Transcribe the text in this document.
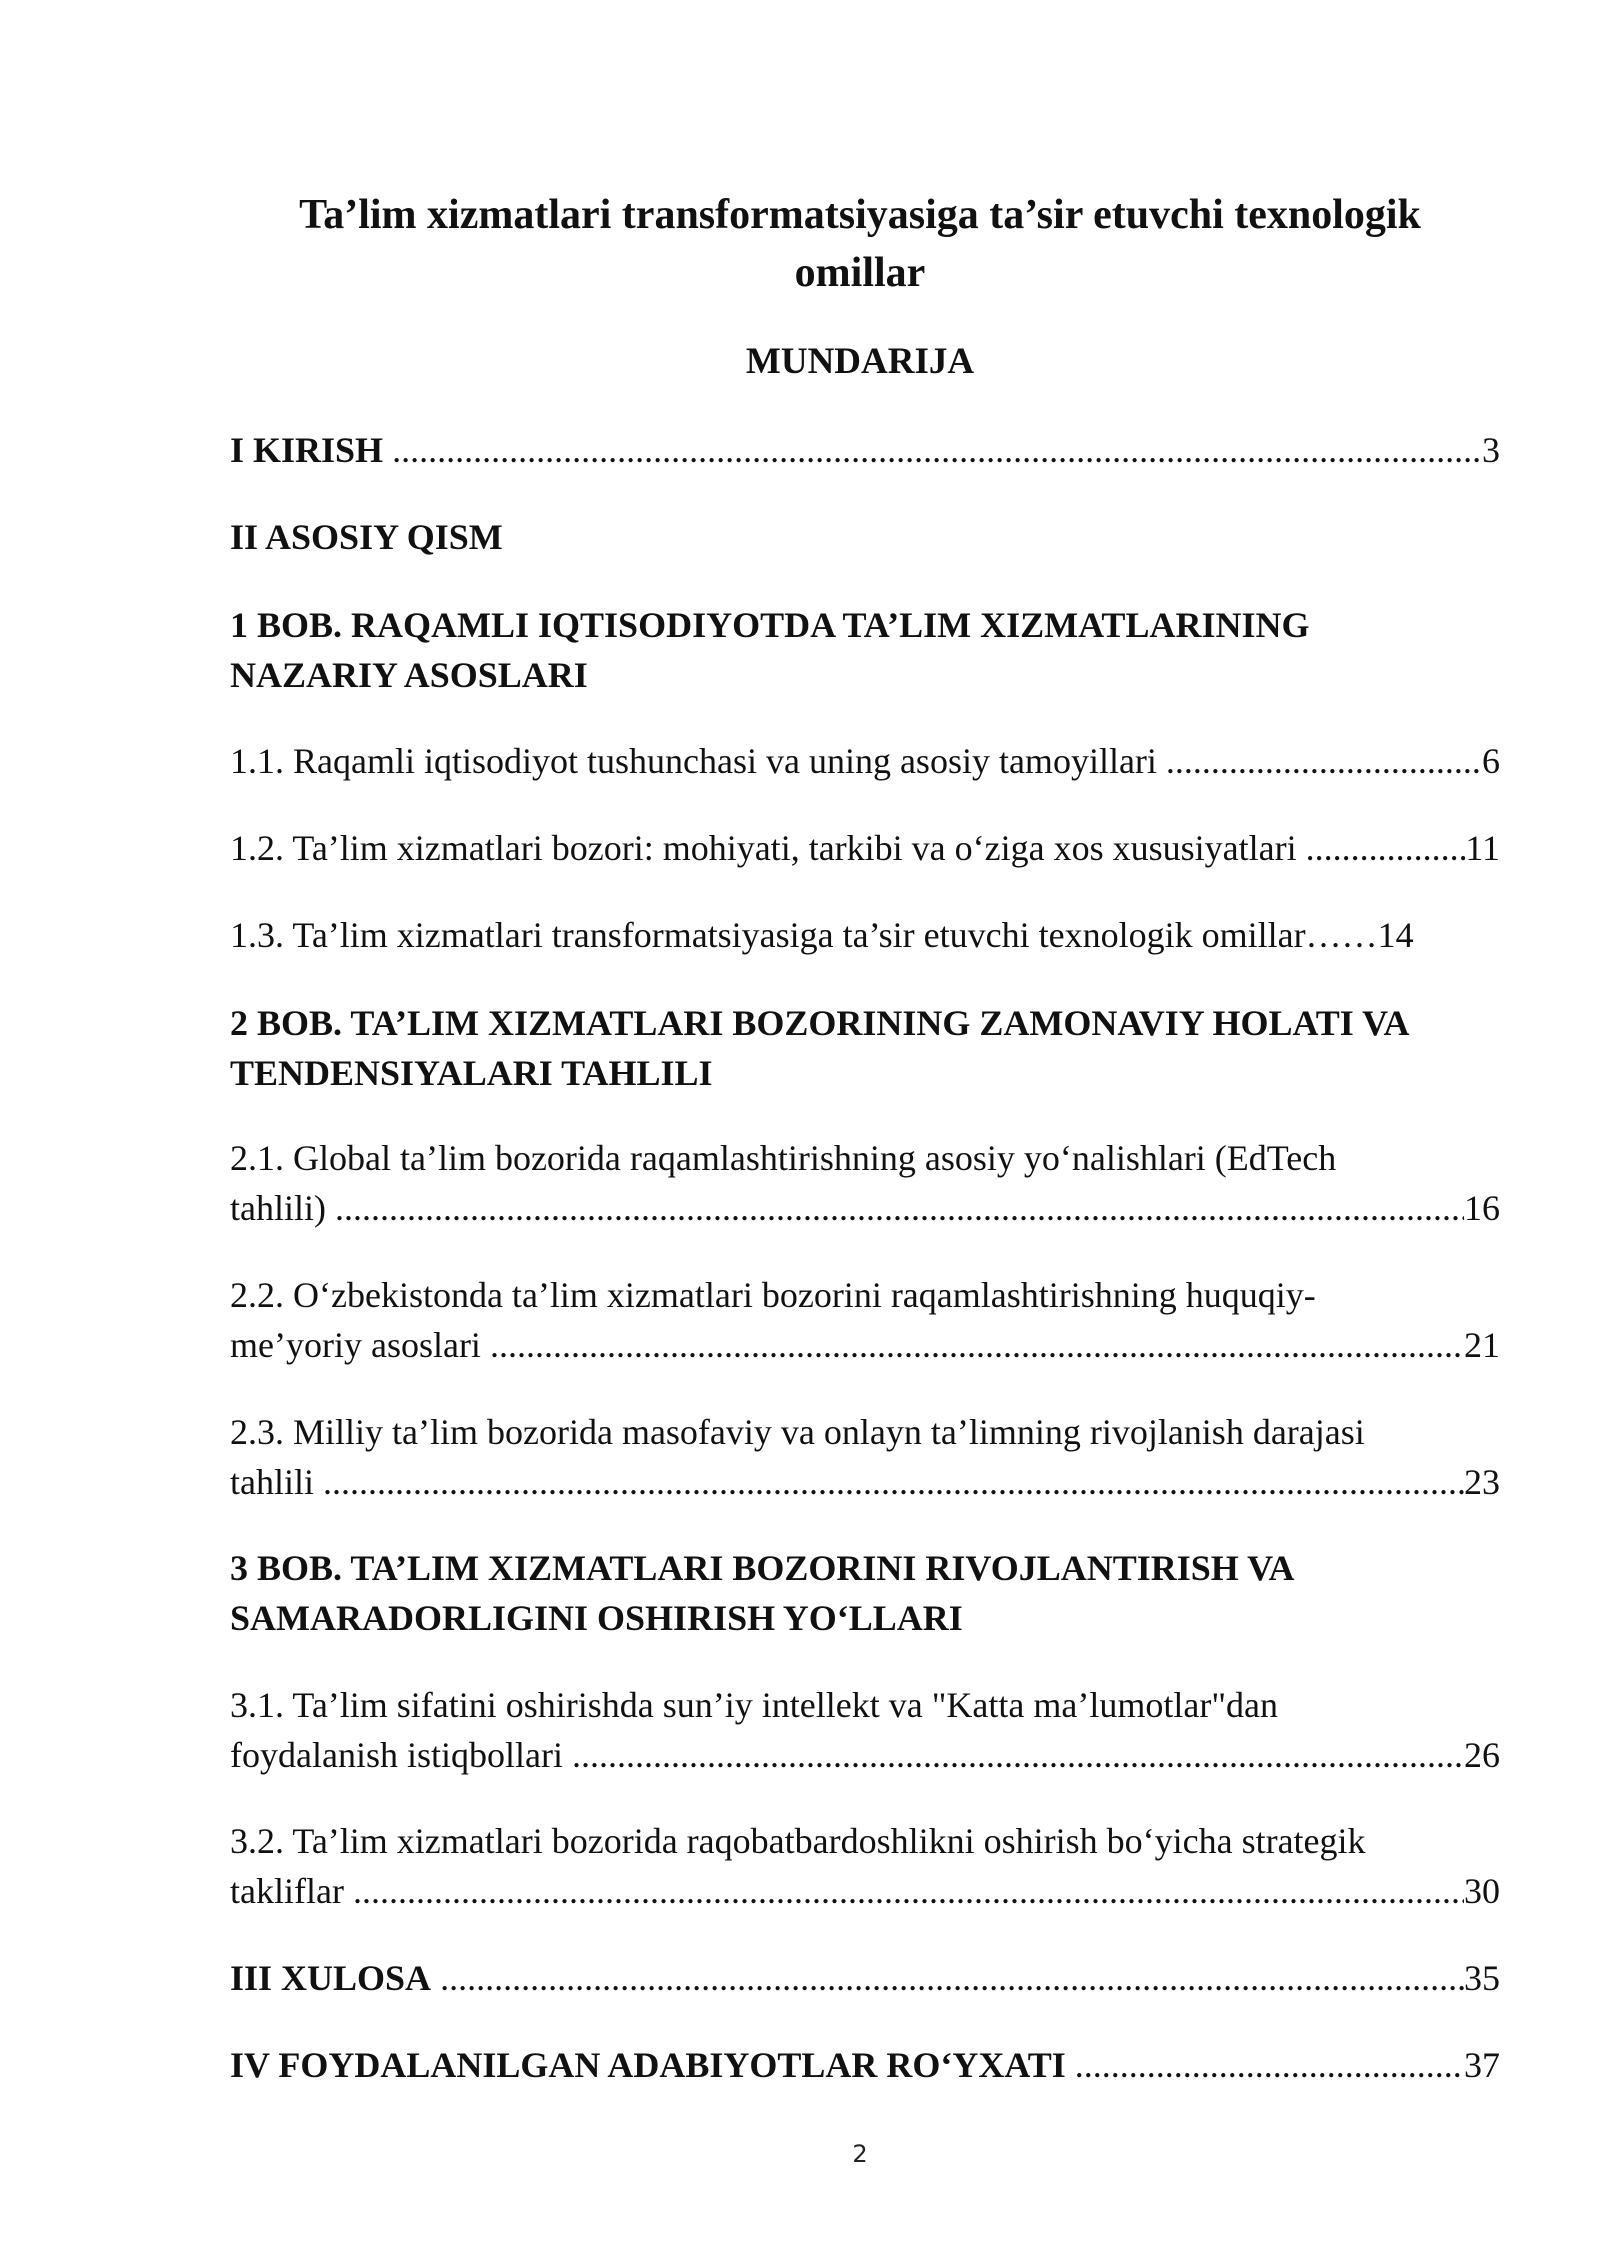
Ta’lim xizmatlari transformatsiyasiga ta’sir etuvchi texnologik
omillar
MUNDARIJA
I KIRISH .....	3
II ASOSIY QISM
1 BOB. RAQAMLI IQTISODIYOTDA TA’LIM XIZMATLARINING
NAZARIY ASOSLARI
1.1. Raqamli iqtisodiyot tushunchasi va uning asosiy tamoyillari .....	6
1.2. Ta’lim xizmatlari bozori: mohiyati, tarkibi va o‘ziga xos xususiyatlari .....	11
1.3. Ta’lim xizmatlari transformatsiyasiga ta’sir etuvchi texnologik omillar…… 14
2 BOB. TA’LIM XIZMATLARI BOZORINING ZAMONAVIY HOLATI VA
TENDENSIYALARI TAHLILI
2.1. Global ta’lim bozorida raqamlashtirishning asosiy yo‘nalishlari (EdTech
tahlili) .....	16
2.2. O‘zbekistonda ta’lim xizmatlari bozorini raqamlashtirishning huquqiy-
me’yoriy asoslari .....	21
2.3. Milliy ta’lim bozorida masofaviy va onlayn ta’limning rivojlanish darajasi
tahlili .....	23
3 BOB. TA’LIM XIZMATLARI BOZORINI RIVOJLANTIRISH VA
SAMARADORLIGINI OSHIRISH YO‘LLARI
3.1. Ta’lim sifatini oshirishda sun’iy intellekt va "Katta ma’lumotlar"dan
foydalanish istiqbollari .....	26
3.2. Ta’lim xizmatlari bozorida raqobatbardoshlikni oshirish bo‘yicha strategik
takliflar .....	30
III XULOSA .....	35
IV FOYDALANILGAN ADABIYOTLAR RO‘YXATI .....	37
2
